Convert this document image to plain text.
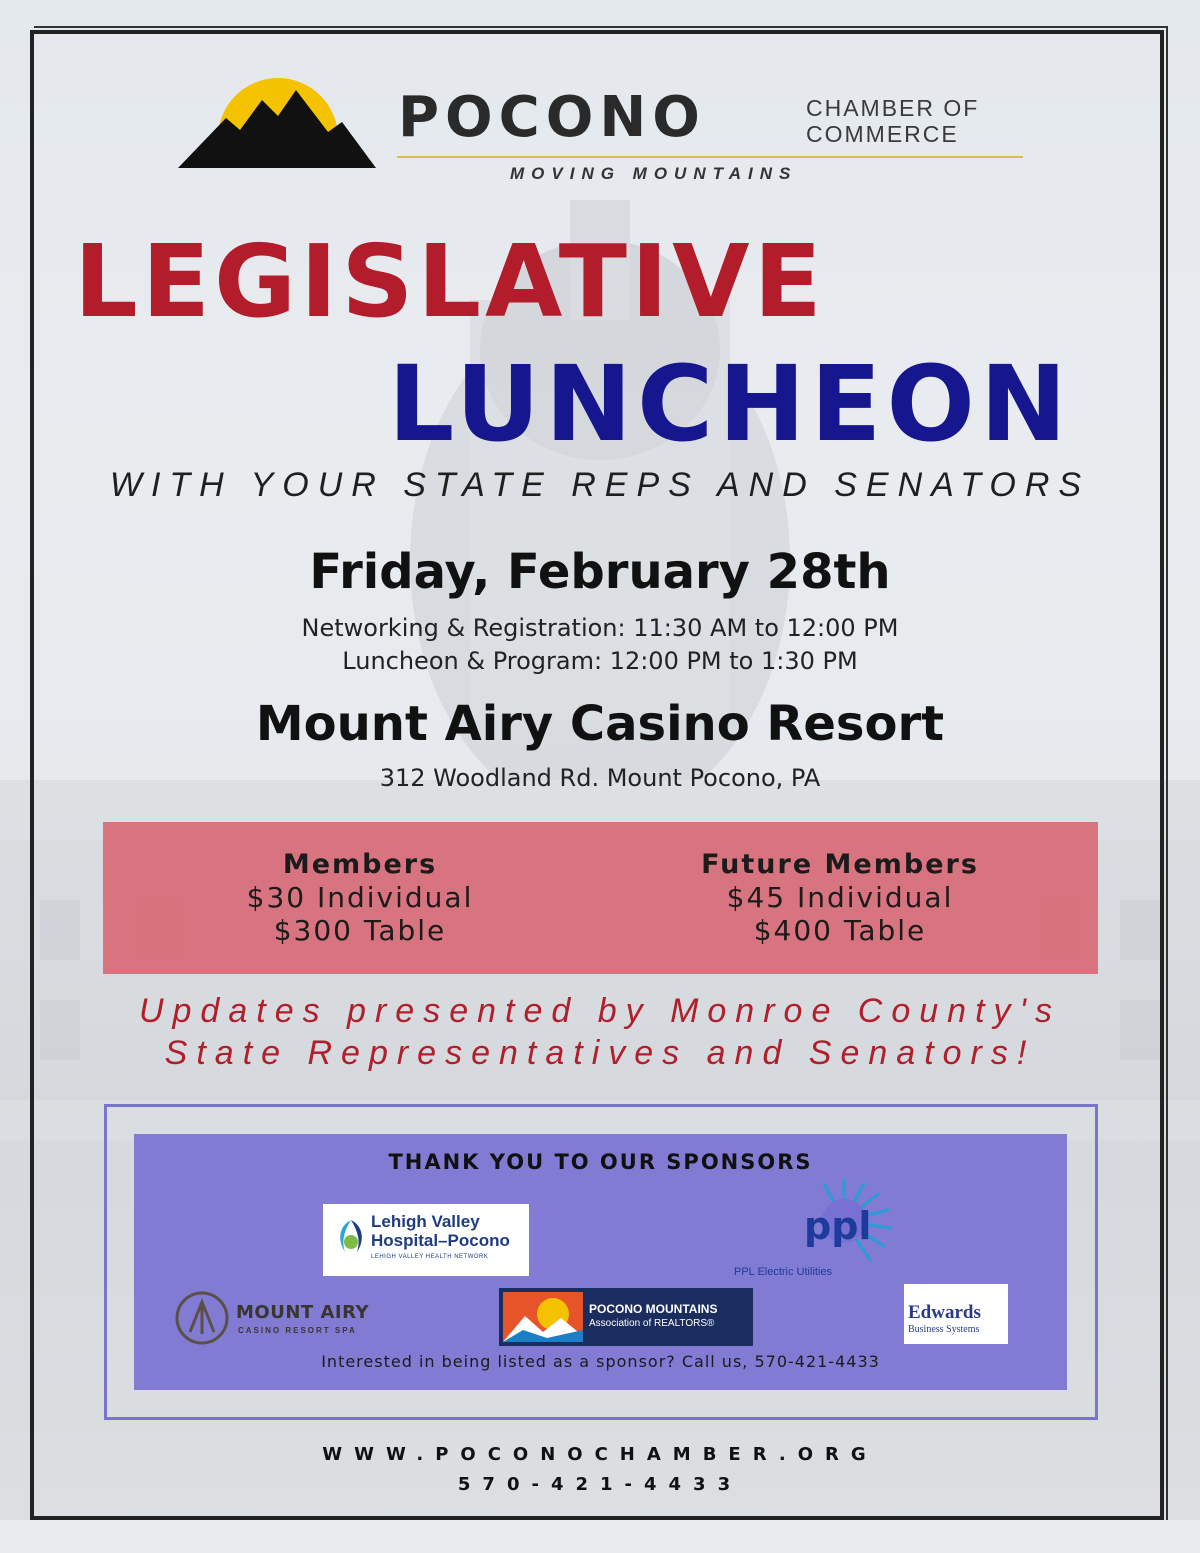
POCONO	CHAMBER OF
COMMERCE
MOVING MOUNTAINS
LEGISLATIVE
LUNCHEON
WITH YOUR STATE REPS AND SENATORS
Friday, February 28th
Networking & Registration: 11:30 AM to 12:00 PM
Luncheon & Program: 12:00 PM to 1:30 PM
Mount Airy Casino Resort
312 Woodland Rd. Mount Pocono, PA
Members
$30 Individual
$300 Table
Future Members
$45 Individual
$400 Table
Updates presented by Monroe County's
State Representatives and Senators!
THANK YOU TO OUR SPONSORS
Lehigh Valley
Hospital–Pocono
LEHIGH VALLEY HEALTH NETWORK
ppl
PPL Electric Utilities
MOUNT AIRY
CASINO RESORT SPA
POCONO MOUNTAINS
Association of REALTORS®
Edwards
Business Systems
Interested in being listed as a sponsor? Call us, 570-421-4433
WWW.POCONOCHAMBER.ORG
570-421-4433
